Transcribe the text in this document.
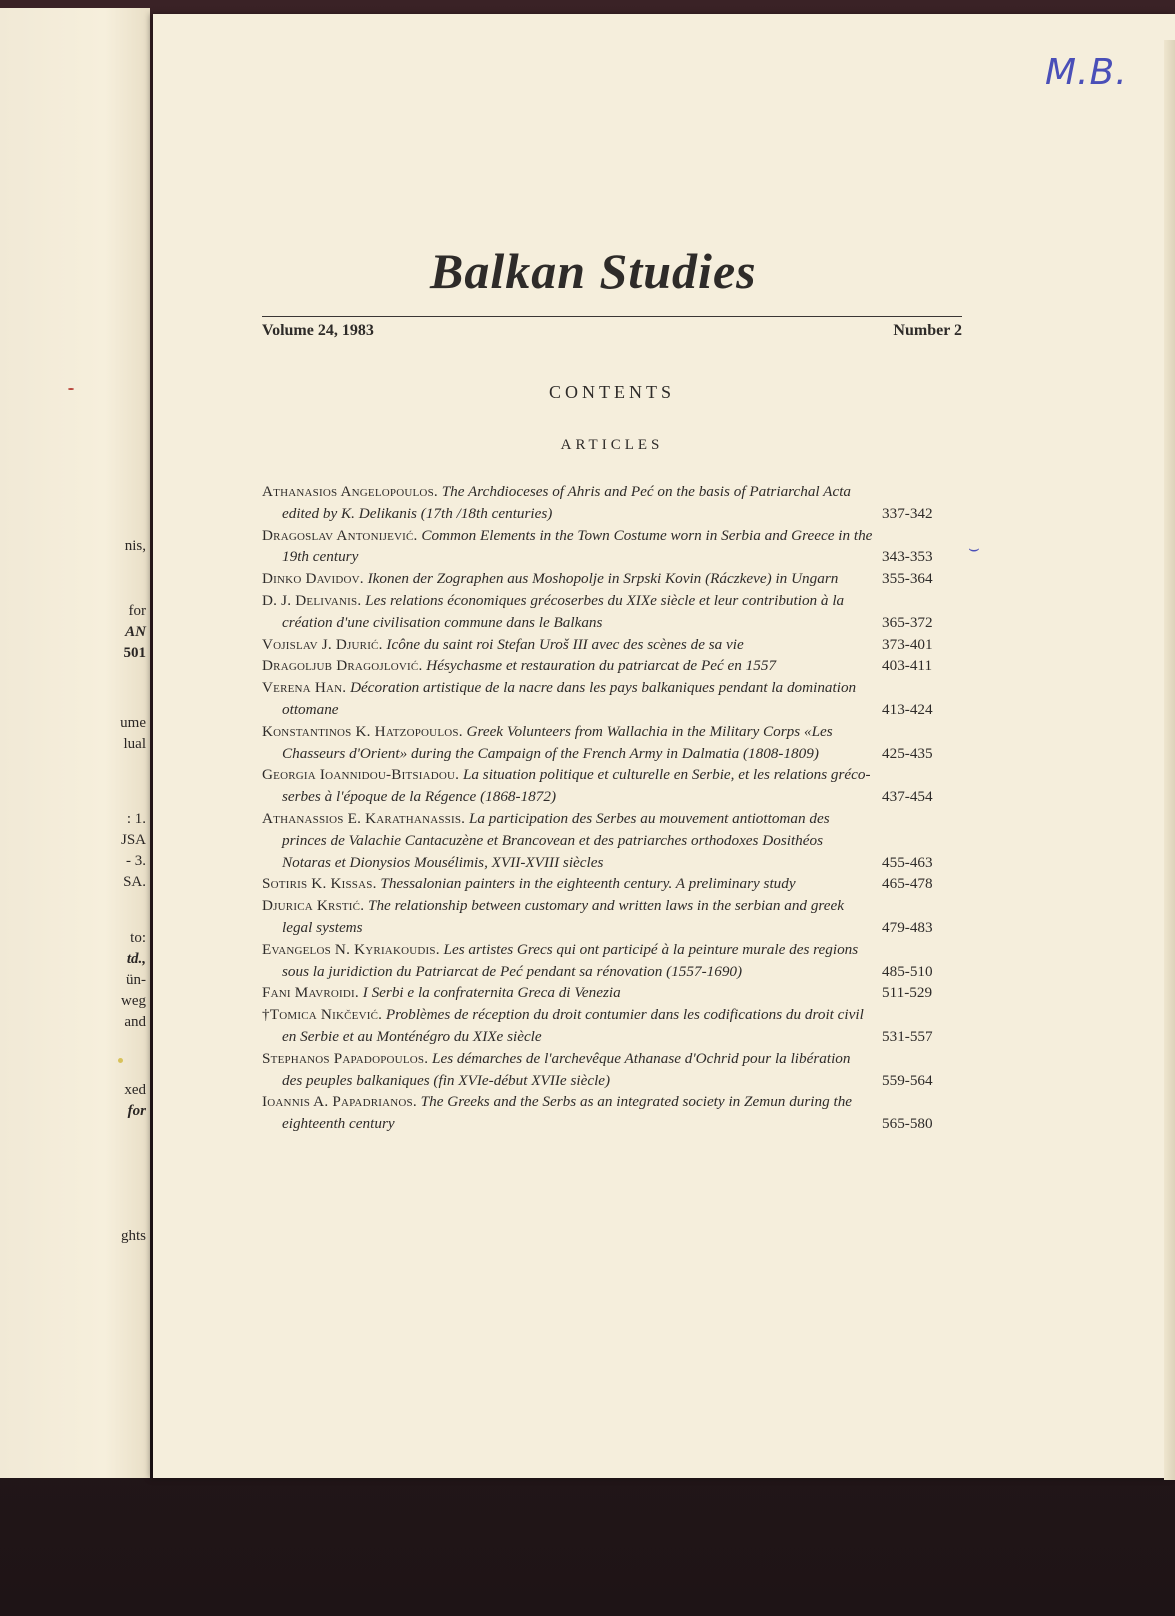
nis,
for
AN
501
ume
lual
: 1.
JSA
- 3.
SA.
to:
td.,
ün-
weg
and
xed
for
ghts
M.B.
Balkan Studies
Volume 24, 1983	Number 2
CONTENTS
ARTICLES
Athanasios Angelopoulos. The Archdioceses of Ahris and Peć on the basis of Patriarchal Acta edited by K. Delikanis (17th /18th centuries)	337-342
Dragoslav Antonijević. Common Elements in the Town Costume worn in Serbia and Greece in the 19th century	343-353
Dinko Davidov. Ikonen der Zographen aus Moshopolje in Srpski Kovin (Ráczkeve) in Ungarn	355-364
D. J. Delivanis. Les relations économiques grécoserbes du XIXe siècle et leur contribution à la création d'une civilisation commune dans le Balkans	365-372
Vojislav J. Djurić. Icône du saint roi Stefan Uroš III avec des scènes de sa vie	373-401
Dragoljub Dragojlović. Hésychasme et restauration du patriarcat de Peć en 1557	403-411
Verena Han. Décoration artistique de la nacre dans les pays balkaniques pendant la domination ottomane	413-424
Konstantinos K. Hatzopoulos. Greek Volunteers from Wallachia in the Military Corps «Les Chasseurs d'Orient» during the Campaign of the French Army in Dalmatia (1808-1809)	425-435
Georgia Ioannidou-Bitsiadou. La situation politique et culturelle en Serbie, et les relations gréco-serbes à l'époque de la Régence (1868-1872)	437-454
Athanassios E. Karathanassis. La participation des Serbes au mouvement antiottoman des princes de Valachie Cantacuzène et Brancovean et des patriarches orthodoxes Dosithéos Notaras et Dionysios Mousélimis, XVII-XVIII siècles	455-463
Sotiris K. Kissas. Thessalonian painters in the eighteenth century. A preliminary study	465-478
Djurica Krstić. The relationship between customary and written laws in the serbian and greek legal systems	479-483
Evangelos N. Kyriakoudis. Les artistes Grecs qui ont participé à la peinture murale des regions sous la juridiction du Patriarcat de Peć pendant sa rénovation (1557-1690)	485-510
Fani Mavroidi. I Serbi e la confraternita Greca di Venezia	511-529
†Tomica Nikčević. Problèmes de réception du droit contumier dans les codifications du droit civil en Serbie et au Monténégro du XIXe siècle	531-557
Stephanos Papadopoulos. Les démarches de l'archevêque Athanase d'Ochrid pour la libération des peuples balkaniques (fin XVIe-début XVIIe siècle)	559-564
Ioannis A. Papadrianos. The Greeks and the Serbs as an integrated society in Zemun during the eighteenth century	565-580
⌣
